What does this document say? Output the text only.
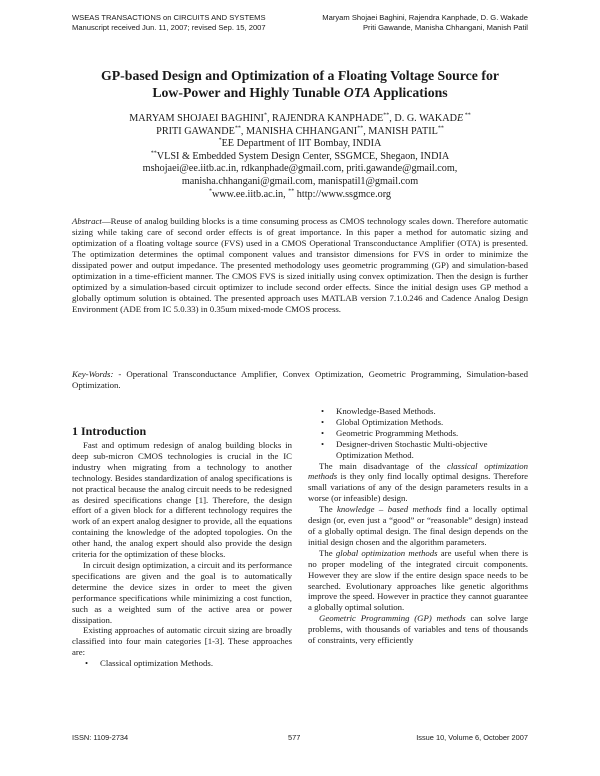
WSEAS TRANSACTIONS on CIRCUITS AND SYSTEMS
Manuscript received Jun. 11, 2007; revised Sep. 15, 2007
Maryam Shojaei Baghini, Rajendra Kanphade, D. G. Wakade
Priti Gawande, Manisha Chhangani, Manish Patil
GP-based Design and Optimization of a Floating Voltage Source for
Low-Power and Highly Tunable OTA Applications
MARYAM SHOJAEI BAGHINI*, RAJENDRA KANPHADE**, D. G. WAKADE **
PRITI GAWANDE**, MANISHA CHHANGANI**, MANISH PATIL**
*EE Department of IIT Bombay, INDIA
**VLSI & Embedded System Design Center, SSGMCE, Shegaon, INDIA
mshojaei@ee.iitb.ac.in, rdkanphade@gmail.com, priti.gawande@gmail.com,
manisha.chhangani@gmail.com, manispatil1@gmail.com
*www.ee.iitb.ac.in, ** http://www.ssgmce.org
Abstract—Reuse of analog building blocks is a time consuming process as CMOS technology scales down. Therefore automatic sizing while taking care of second order effects is of great importance. In this paper a method for automatic sizing and optimization of a floating voltage source (FVS) used in a CMOS Operational Transconductance Amplifier (OTA) is presented. The optimization determines the optimal component values and transistor dimensions for FVS in order to minimize the dissipated power and output impedance. The presented methodology uses geometric programming (GP) and simulation-based optimization in a time-efficient manner. The CMOS FVS is sized initially using convex optimization. Then the design is further optimized by a simulation-based circuit optimizer to include second order effects. Since the initial design uses GP method a globally optimum solution is obtained. The presented approach uses MATLAB version 7.1.0.246 and Cadence Analog Design Environment (ADE from IC 5.0.33) in 0.35um mixed-mode CMOS process.
Key-Words: - Operational Transconductance Amplifier, Convex Optimization, Geometric Programming, Simulation-based Optimization.
1 Introduction

Fast and optimum redesign of analog building blocks in deep sub-micron CMOS technologies is crucial in the IC industry when migrating from a technology to another technology. Besides standardization of analog specifications is not practical because the analog circuit needs to be redesigned as desired specifications change [1]. Therefore, the design effort of a given block for a different technology requires the work of an expert analog designer to provide, all the equations containing the knowledge of the adopted topologies. On the other hand, the analog expert should also provide the design criteria for the optimization of these blocks.

In circuit design optimization, a circuit and its performance specifications are given and the goal is to automatically determine the device sizes in order to meet the given performance specifications while minimizing a cost function, such as a weighted sum of the active area or power dissipation.

Existing approaches of automatic circuit sizing are broadly classified into four main categories [1-3]. These approaches are:

• Classical optimization Methods.
• Knowledge-Based Methods.
• Global Optimization Methods.
• Geometric Programming Methods.
• Designer-driven Stochastic Multi-objective Optimization Method.

The main disadvantage of the classical optimization methods is they only find locally optimal designs. Therefore small variations of any of the design parameters results in a worse (or infeasible) design.

The knowledge – based methods find a locally optimal design (or, even just a “good” or “reasonable” design) instead of a globally optimal design. The final design depends on the initial design chosen and the algorithm parameters.

The global optimization methods are useful when there is no proper modeling of the integrated circuit components. However they are slow if the entire design space needs to be searched. Evolutionary approaches like genetic algorithms improve the speed. However in practice they cannot guarantee a globally optimal solution.

Geometric Programming (GP) methods can solve large problems, with thousands of variables and tens of thousands of constraints, very efficiently

ISSN: 1109-2734	577	Issue 10, Volume 6, October 2007
